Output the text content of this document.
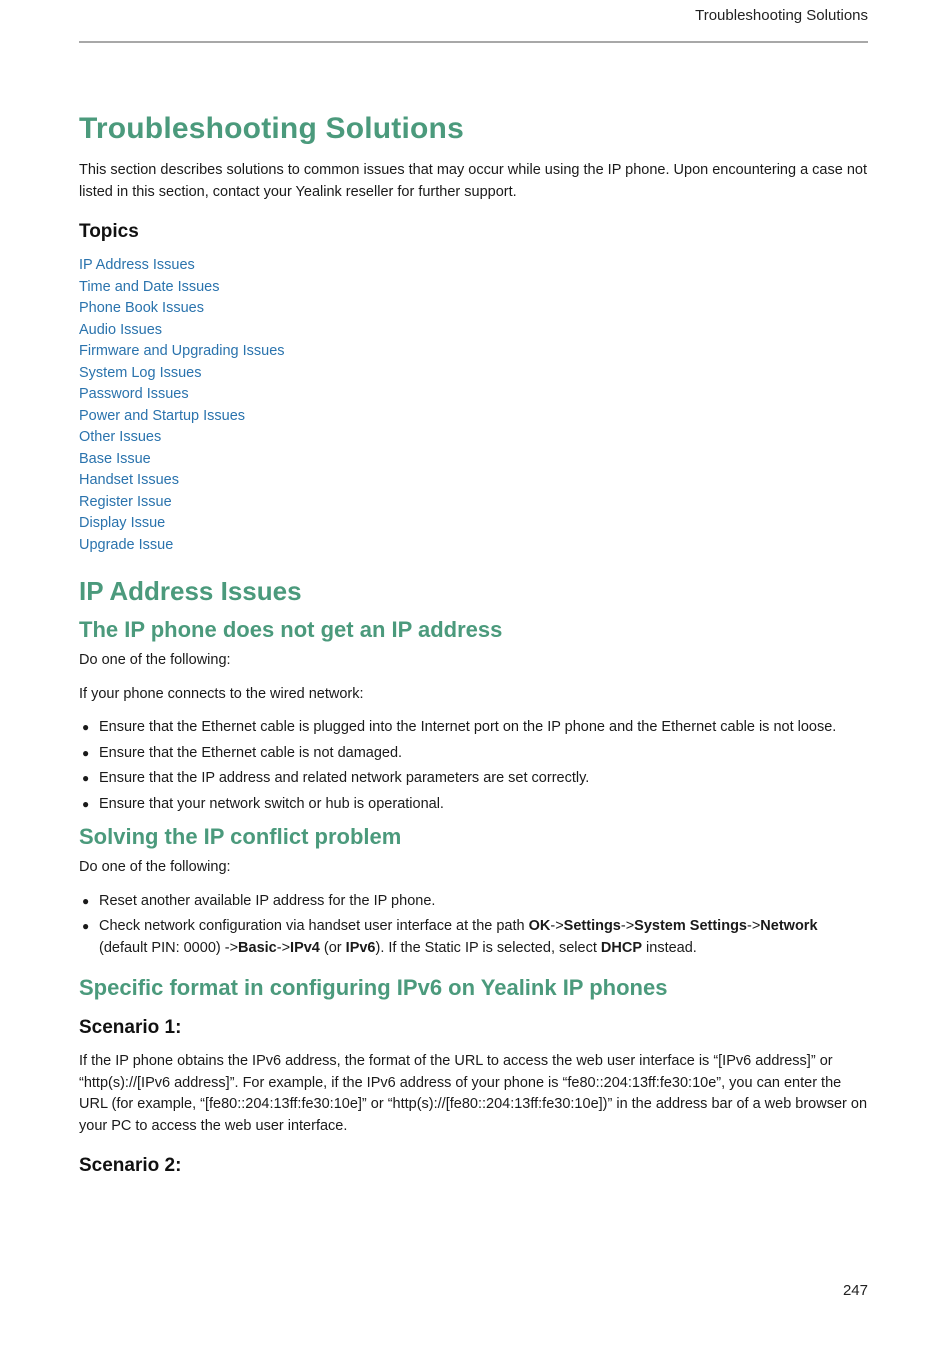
Troubleshooting Solutions
Troubleshooting Solutions

This section describes solutions to common issues that may occur while using the IP phone. Upon encountering a case not listed in this section, contact your Yealink reseller for further support.

Topics
IP Address Issues
Time and Date Issues
Phone Book Issues
Audio Issues
Firmware and Upgrading Issues
System Log Issues
Password Issues
Power and Startup Issues
Other Issues
Base Issue
Handset Issues
Register Issue
Display Issue
Upgrade Issue
IP Address Issues
The IP phone does not get an IP address

Do one of the following:

If your phone connects to the wired network:

● Ensure that the Ethernet cable is plugged into the Internet port on the IP phone and the Ethernet cable is not loose.
● Ensure that the Ethernet cable is not damaged.
● Ensure that the IP address and related network parameters are set correctly.
● Ensure that your network switch or hub is operational.
Solving the IP conflict problem

Do one of the following:

● Reset another available IP address for the IP phone.
● Check network configuration via handset user interface at the path OK->Settings->System Settings->Network (default PIN: 0000) ->Basic->IPv4 (or IPv6). If the Static IP is selected, select DHCP instead.
Specific format in configuring IPv6 on Yealink IP phones
Scenario 1:

If the IP phone obtains the IPv6 address, the format of the URL to access the web user interface is “[IPv6 address]” or “http(s)://[IPv6 address]”. For example, if the IPv6 address of your phone is “fe80::204:13ff:fe30:10e”, you can enter the URL (for example, “[fe80::204:13ff:fe30:10e]” or “http(s)://[fe80::204:13ff:fe30:10e])” in the address bar of a web browser on your PC to access the web user interface.

Scenario 2:
247
